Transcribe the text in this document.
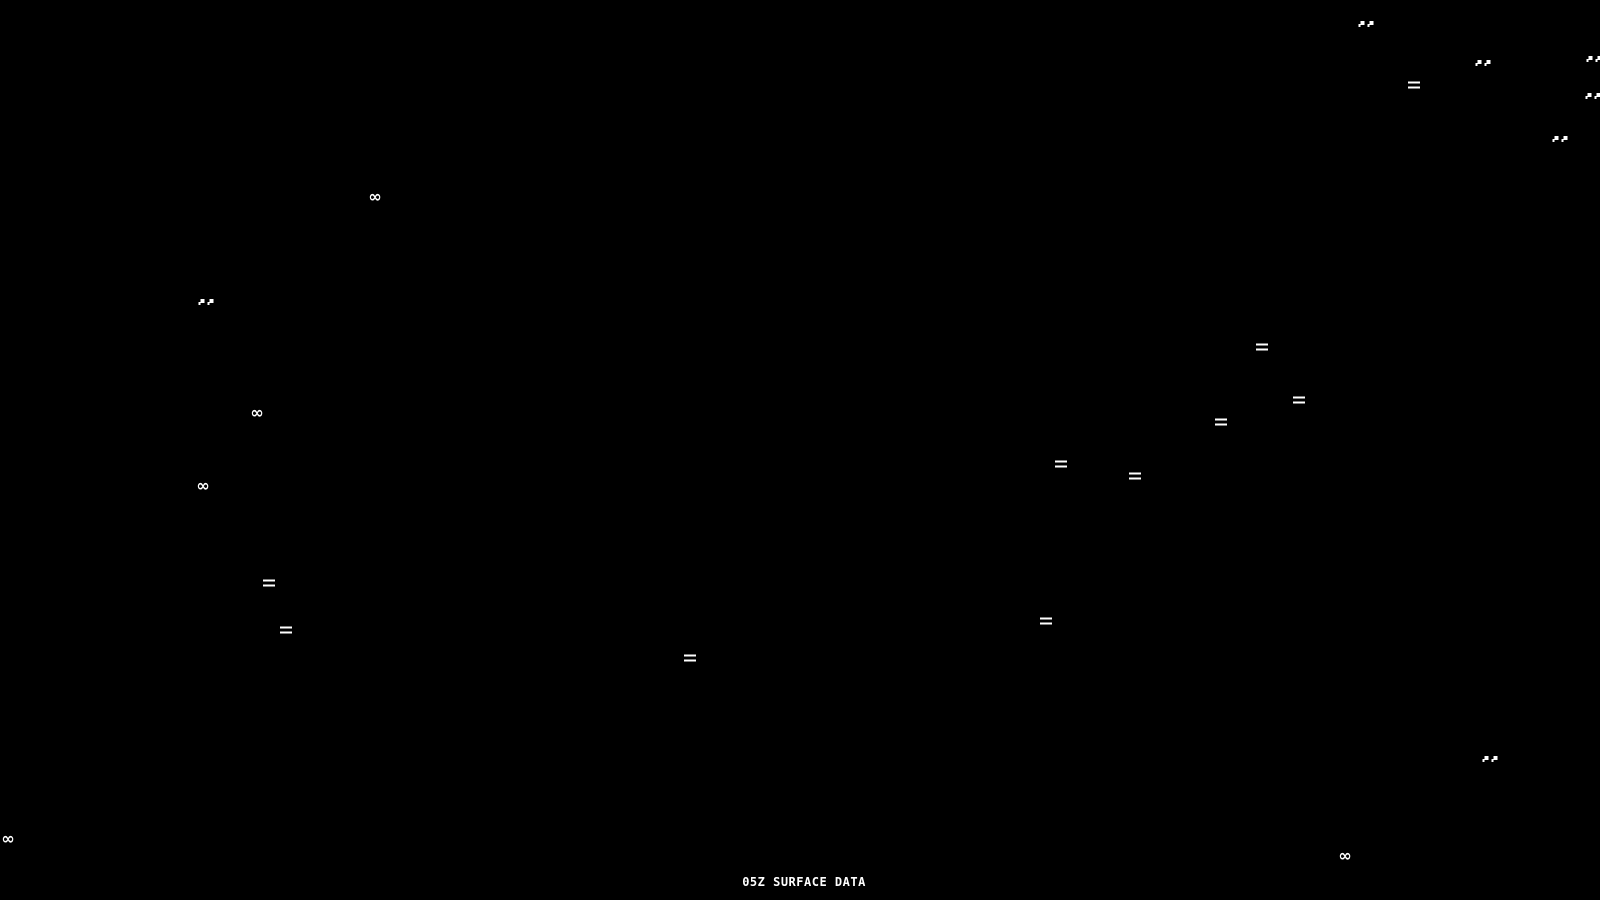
05Z SURFACE DATA
∞
∞
∞
∞
∞
